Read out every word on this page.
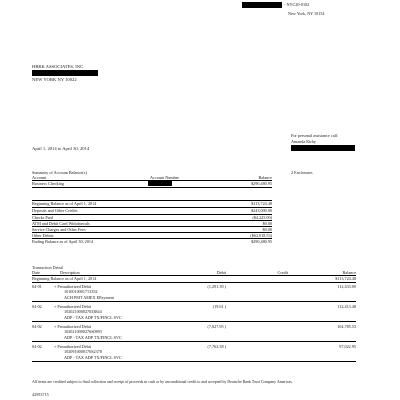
- NYC20-0102
New York, NY 10154
HBRK ASSOCIATES, INC
NEW YORK NY 10022
For personal assistance call:
Amanda Kirby
April 1, 2014 to April 30, 2014
Summary of Account Balance(s)	2 Enclosures
Account	Account Number	Balance
Business Checking	$290,480.95
Beginning Balance as of April 1, 2014	$113,724.48
Deposits and Other Credits	$243,000.00
Checks Paid	($4,225.00)
ATM and Debit Card Withdrawals	$0.00
Service Charges and Other Fees	$0.00
Other Debits	($62,018.53)
Ending Balance as of April 30, 2014	$290,480.95
Transaction Detail
Date	Description	Debit	Credit	Balance
Beginning Balance as of April 1, 2014	$113,724.48
04-01	+ Preauthorized Debit	(1,291.39 )	112,433.09
1010010001713352
ACH PMT AMEX EPayment
04-02	+ Preauthorized Debit	(19.61 )	112,413.48
1020210000276ЗЗ844
ADP - TAX ADP TX/FINCL SVC
04-02	+ Preauthorized Debit	(7,627.95 )	104,785.53
1020210000276Ѕ0893
ADP - TAX ADP TX/FINCL SVC
04-02	+ Preauthorized Debit	(7,762.58 )	97,022.95
1020910000176Ѕ2378
ADP - TAX ADP TX/FINCL SVC
All items are credited subject to final collection and receipt of proceeds in cash or by unconditional credit to and accepted by Deutsche Bank Trust Company Americas.
42953715
